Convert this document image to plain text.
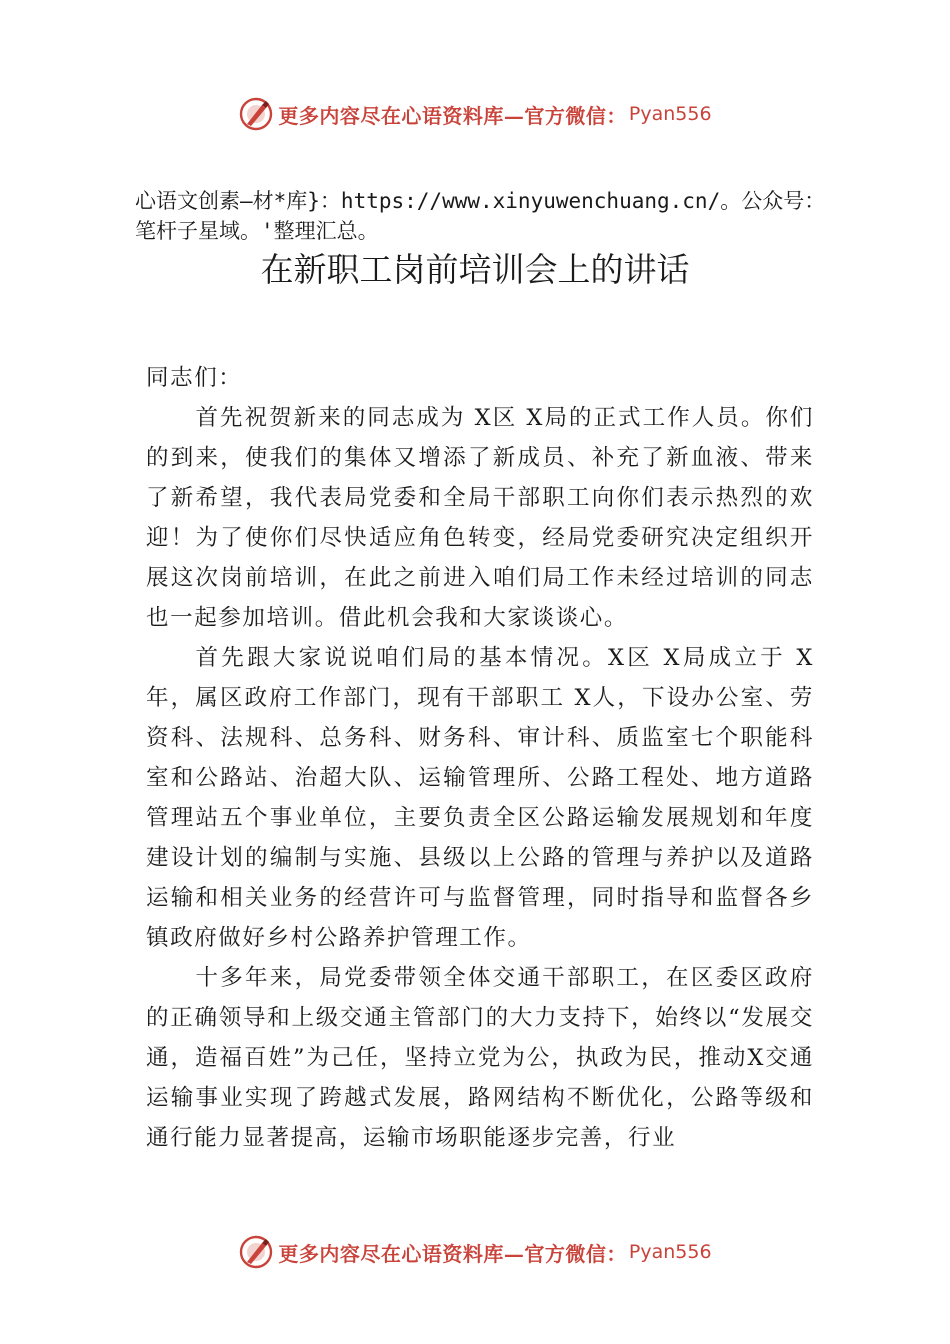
更多内容尽在心语资料库—官方微信： Pyan556
心语文创素—材*库}：https://www.xinyuwenchuang.cn/。公众号：笔杆子星域。'整理汇总。
在新职工岗前培训会上的讲话

同志们：

首先祝贺新来的同志成为 X区 X局的正式工作人员。你们的到来，使我们的集体又增添了新成员、补充了新血液、带来了新希望，我代表局党委和全局干部职工向你们表示热烈的欢迎！为了使你们尽快适应角色转变，经局党委研究决定组织开展这次岗前培训，在此之前进入咱们局工作未经过培训的同志也一起参加培训。借此机会我和大家谈谈心。

首先跟大家说说咱们局的基本情况。X区 X局成立于 X年，属区政府工作部门，现有干部职工 X人，下设办公室、劳资科、法规科、总务科、财务科、审计科、质监室七个职能科室和公路站、治超大队、运输管理所、公路工程处、地方道路管理站五个事业单位，主要负责全区公路运输发展规划和年度建设计划的编制与实施、县级以上公路的管理与养护以及道路运输和相关业务的经营许可与监督管理，同时指导和监督各乡镇政府做好乡村公路养护管理工作。

十多年来，局党委带领全体交通干部职工，在区委区政府的正确领导和上级交通主管部门的大力支持下，始终以“发展交通，造福百姓”为己任，坚持立党为公，执政为民，推动X交通运输事业实现了跨越式发展，路网结构不断优化，公路等级和通行能力显著提高，运输市场职能逐步完善，行业

更多内容尽在心语资料库—官方微信： Pyan556
